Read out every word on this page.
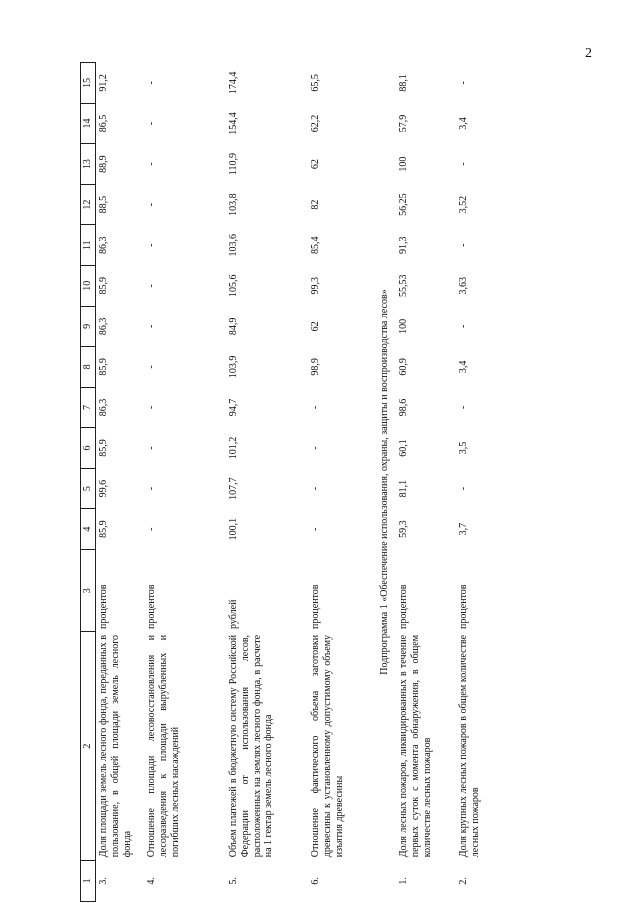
2
1	2	3	4	5	6	7	8	9	10	11	12	13	14	15
3.	Доля площади земель лесного фонда, переданных в пользование, в общей площади земель лесного фонда	процентов	85,9	99,6	85,9	86,3	85,9	86,3	85,9	86,3	88,5	88,9	86,5	91,2
4.	Отношение площади лесовосстановления и лесоразведения к площади вырубленных и погибших лесных насаждений	процентов	-	-	-	-	-	-	-	-	-	-	-	-
5.	Объем платежей в бюджетную систему Российской Федерации от использования лесов, расположенных на землях лесного фонда, в расчете на 1 гектар земель лесного фонда	рублей	100,1	107,7	101,2	94,7	103,9	84,9	105,6	103,6	103,8	110,9	154,4	174,4
6.	Отношение фактического объема заготовки древесины к установленному допустимому объему изъятия древесины	процентов	-	-	-	-	98,9	62	99,3	85,4	82	62	62,2	65,5
Подпрограмма 1 «Обеспечение использования, охраны, защиты и воспроизводства лесов»														
1.	Доля лесных пожаров, ликвидированных в течение первых суток с момента обнаружения, в общем количестве лесных пожаров	процентов	59,3	81,1	60,1	98,6	60,9	100	55,53	91,3	56,25	100	57,9	88,1
2.	Доля крупных лесных пожаров в общем количестве лесных пожаров	процентов	3,7	-	3,5	-	3,4	-	3,63	-	3,52	-	3,4	-
